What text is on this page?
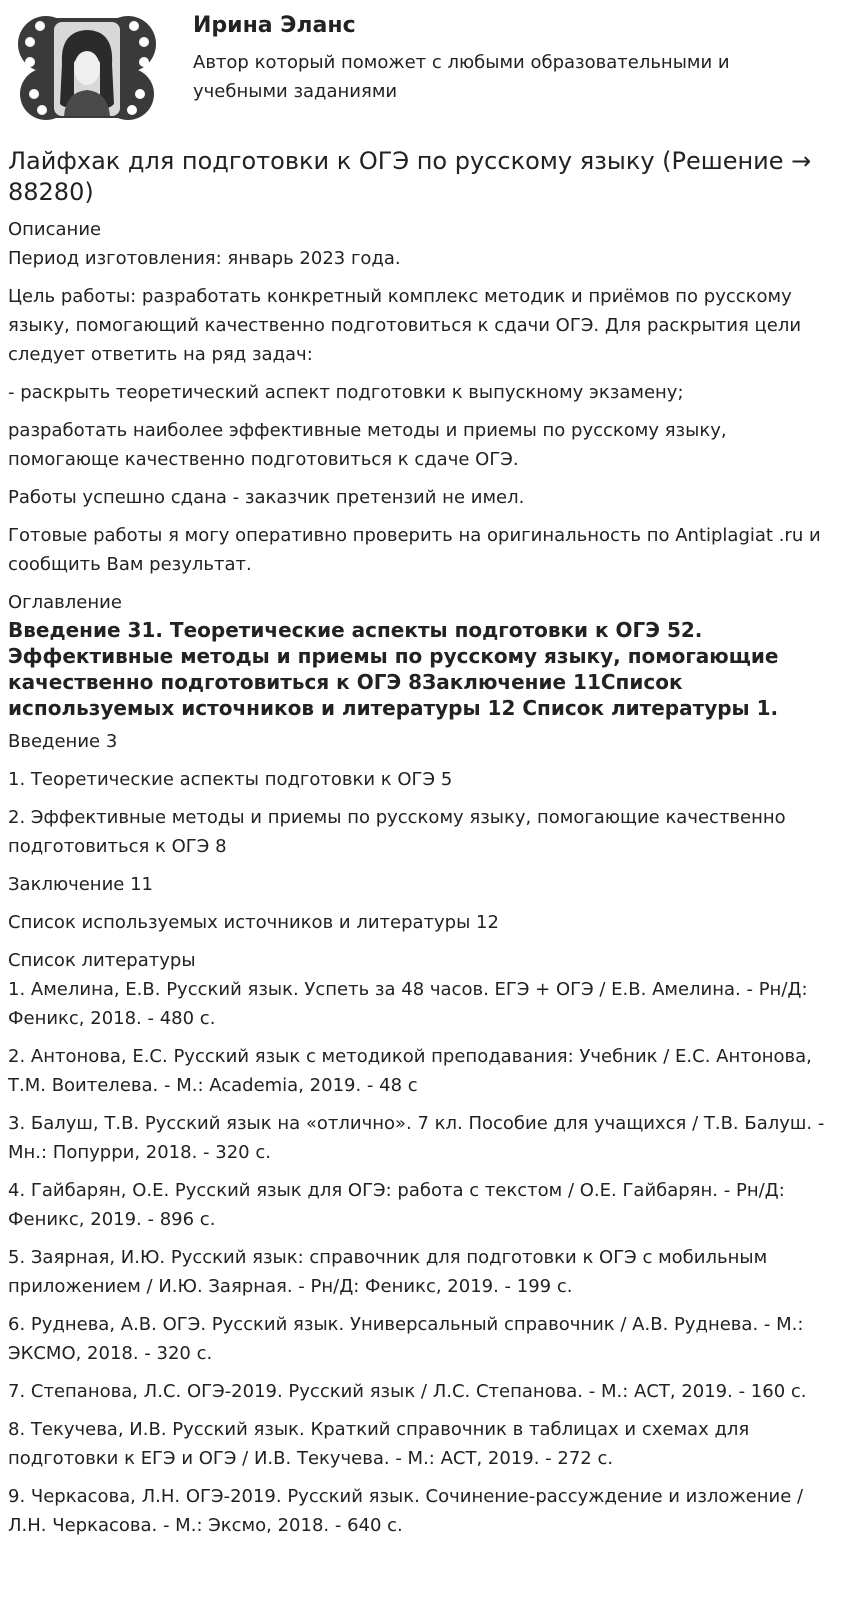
Ирина Эланс
Автор который поможет с любыми образовательными и учебными заданиями
Лайфхак для подготовки к ОГЭ по русскому языку (Решение → 88280)

Описание

Период изготовления: январь 2023 года.

Цель работы: разработать конкретный комплекс методик и приёмов по русскому языку, помогающий качественно подготовиться к сдачи ОГЭ. Для раскрытия цели следует ответить на ряд задач:

- раскрыть теоретический аспект подготовки к выпускному экзамену;

разработать наиболее эффективные методы и приемы по русскому языку, помогающе качественно подготовиться к сдаче ОГЭ.

Работы успешно сдана - заказчик претензий не имел.

Готовые работы я могу оперативно проверить на оригинальность по Antiplagiat .ru и сообщить Вам результат.

Оглавление

Введение 31. Теоретические аспекты подготовки к ОГЭ 52. Эффективные методы и приемы по русскому языку, помогающие качественно подготовиться к ОГЭ 8Заключение 11Список используемых источников и литературы 12 Список литературы 1.

Введение 3

1. Теоретические аспекты подготовки к ОГЭ 5

2. Эффективные методы и приемы по русскому языку, помогающие качественно подготовиться к ОГЭ 8

Заключение 11

Список используемых источников и литературы 12

Список литературы

1. Амелина, Е.В. Русский язык. Успеть за 48 часов. ЕГЭ + ОГЭ / Е.В. Амелина. - Рн/Д: Феникс, 2018. - 480 c.

2. Антонова, Е.С. Русский язык с методикой преподавания: Учебник / Е.С. Антонова, Т.М. Воителева. - М.: Academia, 2019. - 48 c

3. Балуш, Т.В. Русский язык на «отлично». 7 кл. Пособие для учащихся / Т.В. Балуш. - Мн.: Попурри, 2018. - 320 c.

4. Гайбарян, О.Е. Русский язык для ОГЭ: работа с текстом / О.Е. Гайбарян. - Рн/Д: Феникс, 2019. - 896 c.

5. Заярная, И.Ю. Русский язык: справочник для подготовки к ОГЭ с мобильным приложением / И.Ю. Заярная. - Рн/Д: Феникс, 2019. - 199 c.

6. Руднева, А.В. ОГЭ. Русский язык. Универсальный справочник / А.В. Руднева. - М.: ЭКСМО, 2018. - 320 c.

7. Степанова, Л.С. ОГЭ-2019. Русский язык / Л.С. Степанова. - М.: АСТ, 2019. - 160 c.

8. Текучева, И.В. Русский язык. Краткий справочник в таблицах и схемах для подготовки к ЕГЭ и ОГЭ / И.В. Текучева. - М.: АСТ, 2019. - 272 c.

9. Черкасова, Л.Н. ОГЭ-2019. Русский язык. Сочинение-рассуждение и изложение / Л.Н. Черкасова. - М.: Эксмо, 2018. - 640 c.
